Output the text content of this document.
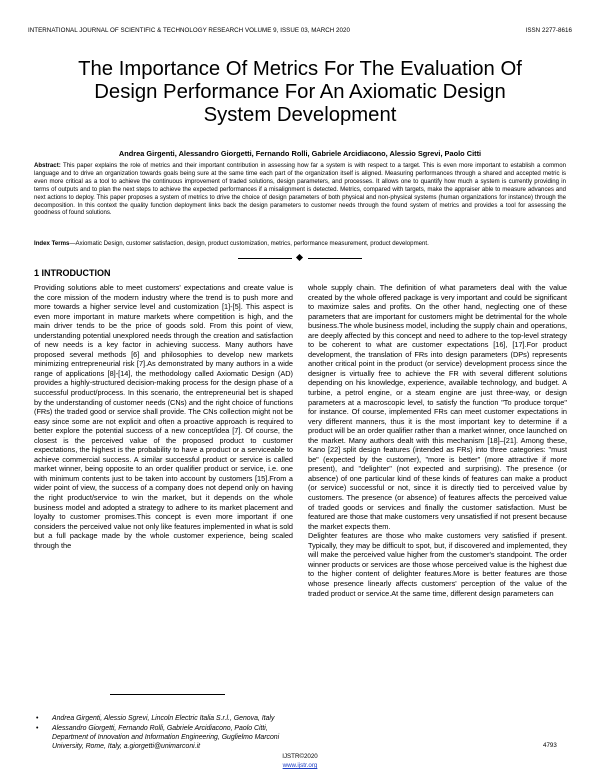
INTERNATIONAL JOURNAL OF SCIENTIFIC & TECHNOLOGY RESEARCH VOLUME 9, ISSUE 03, MARCH 2020	ISSN 2277-8616
The Importance Of Metrics For The Evaluation Of
Design Performance For An Axiomatic Design
System Development
Andrea Girgenti, Alessandro Giorgetti, Fernando Rolli, Gabriele Arcidiacono, Alessio Sgrevi, Paolo Citti

Abstract: This paper explains the role of metrics and their important contribution in assessing how far a system is with respect to a target. This is even more important to establish a common language and to drive an organization towards goals being sure at the same time each part of the organization itself is aligned. Measuring performances through a shared and accepted metric is even more critical as a tool to achieve the continuous improvement of traded solutions, design parameters, and processes. It allows one to quantify how much a system is currently providing in terms of outputs and to plan the next steps to achieve the expected performances if a misalignment is detected. Metrics, compared with targets, make the appraiser able to measure advances and next actions to deploy. This paper proposes a system of metrics to drive the choice of design parameters of both physical and non-physical systems (human organizations for instance) through the decomposition. In this context the quality function deployment links back the design parameters to customer needs through the found system of metrics and provides a tool for assessing the goodness of found solutions.

Index Terms—Axiomatic Design, customer satisfaction, design, product customization, metrics, performance measurement, product development.

1 INTRODUCTION

Providing solutions able to meet customers' expectations and create value is the core mission of the modern industry where the trend is to push more and more towards a higher service level and customization [1]-[5]. This aspect is even more important in mature markets where competition is high, and the main driver tends to be the price of goods sold. From this point of view, understanding potential unexplored needs through the creation and satisfaction of new needs is a key factor in achieving success. Many authors have proposed several methods [6] and philosophies to develop new markets minimizing entrepreneurial risk [7].As demonstrated by many authors in a wide range of applications [8]-[14], the methodology called Axiomatic Design (AD) provides a highly-structured decision-making process for the design phase of a successful product/process. In this scenario, the entrepreneurial bet is shaped by the understanding of customer needs (CNs) and the right choice of functions (FRs) the traded good or service shall provide. The CNs collection might not be easy since some are not explicit and often a proactive approach is required to better explore the potential success of a new concept/idea [7]. Of course, the closest is the perceived value of the proposed product to customer expectations, the highest is the probability to have a product or a serviceable to achieve commercial success. A similar successful product or service is called market winner, being opposite to an order qualifier product or service, i.e. one with minimum contents just to be taken into account by customers [15].From a wider point of view, the success of a company does not depend only on having the right product/service to win the market, but it depends on the whole business model and adopted a strategy to adhere to its market placement and loyalty to customer promises.This concept is even more important if one considers the perceived value not only like features implemented in what is sold but a full package made by the whole customer experience, being scaled through the

• Andrea Girgenti, Alessio Sgrevi, Lincoln Electric Italia S.r.l., Genova, Italy
• Alessandro Giorgetti, Fernando Rolli, Gabriele Arcidiacono, Paolo Citti, Department of Innovation and Information Engineering, Guglielmo Marconi University, Rome, Italy, a.giorgetti@unimarconi.it

whole supply chain. The definition of what parameters deal with the value created by the whole offered package is very important and could be significant to maximize sales and profits. On the other hand, neglecting one of these parameters that are important for customers might be detrimental for the whole business.The whole business model, including the supply chain and operations, are deeply affected by this concept and need to adhere to the top-level strategy to be coherent to what are customer expectations [16], [17].For product development, the translation of FRs into design parameters (DPs) represents another critical point in the product (or service) development process since the designer is virtually free to achieve the FR with several different solutions depending on his knowledge, experience, available technology, and budget. A turbine, a petrol engine, or a steam engine are just three-way, or design parameters at a macroscopic level, to satisfy the function "To produce torque" for instance. Of course, implemented FRs can meet customer expectations in very different manners, thus it is the most important key to determine if a product will be an order qualifier rather than a market winner, once launched on the market. Many authors dealt with this mechanism [18]–[21]. Among these, Kano [22] split design features (intended as FRs) into three categories: "must be" (expected by the customer), "more is better" (more attractive if more present), and "delighter" (not expected and surprising). The presence (or absence) of one particular kind of these kinds of features can make a product (or service) successful or not, since it is directly tied to perceived value by customers. The presence (or absence) of features affects the perceived value of traded goods or services and finally the customer satisfaction. Must be featured are those that make customers very unsatisfied if not present because the market expects them.
Delighter features are those who make customers very satisfied if present. Typically, they may be difficult to spot, but, if discovered and implemented, they will make the perceived value higher from the customer's standpoint. The order winner products or services are those whose perceived value is the highest due to the higher content of delighter features.More is better features are those whose presence linearly affects customers' perception of the value of the traded product or service.At the same time, different design parameters can

4793
IJSTR©2020
www.ijstr.org
